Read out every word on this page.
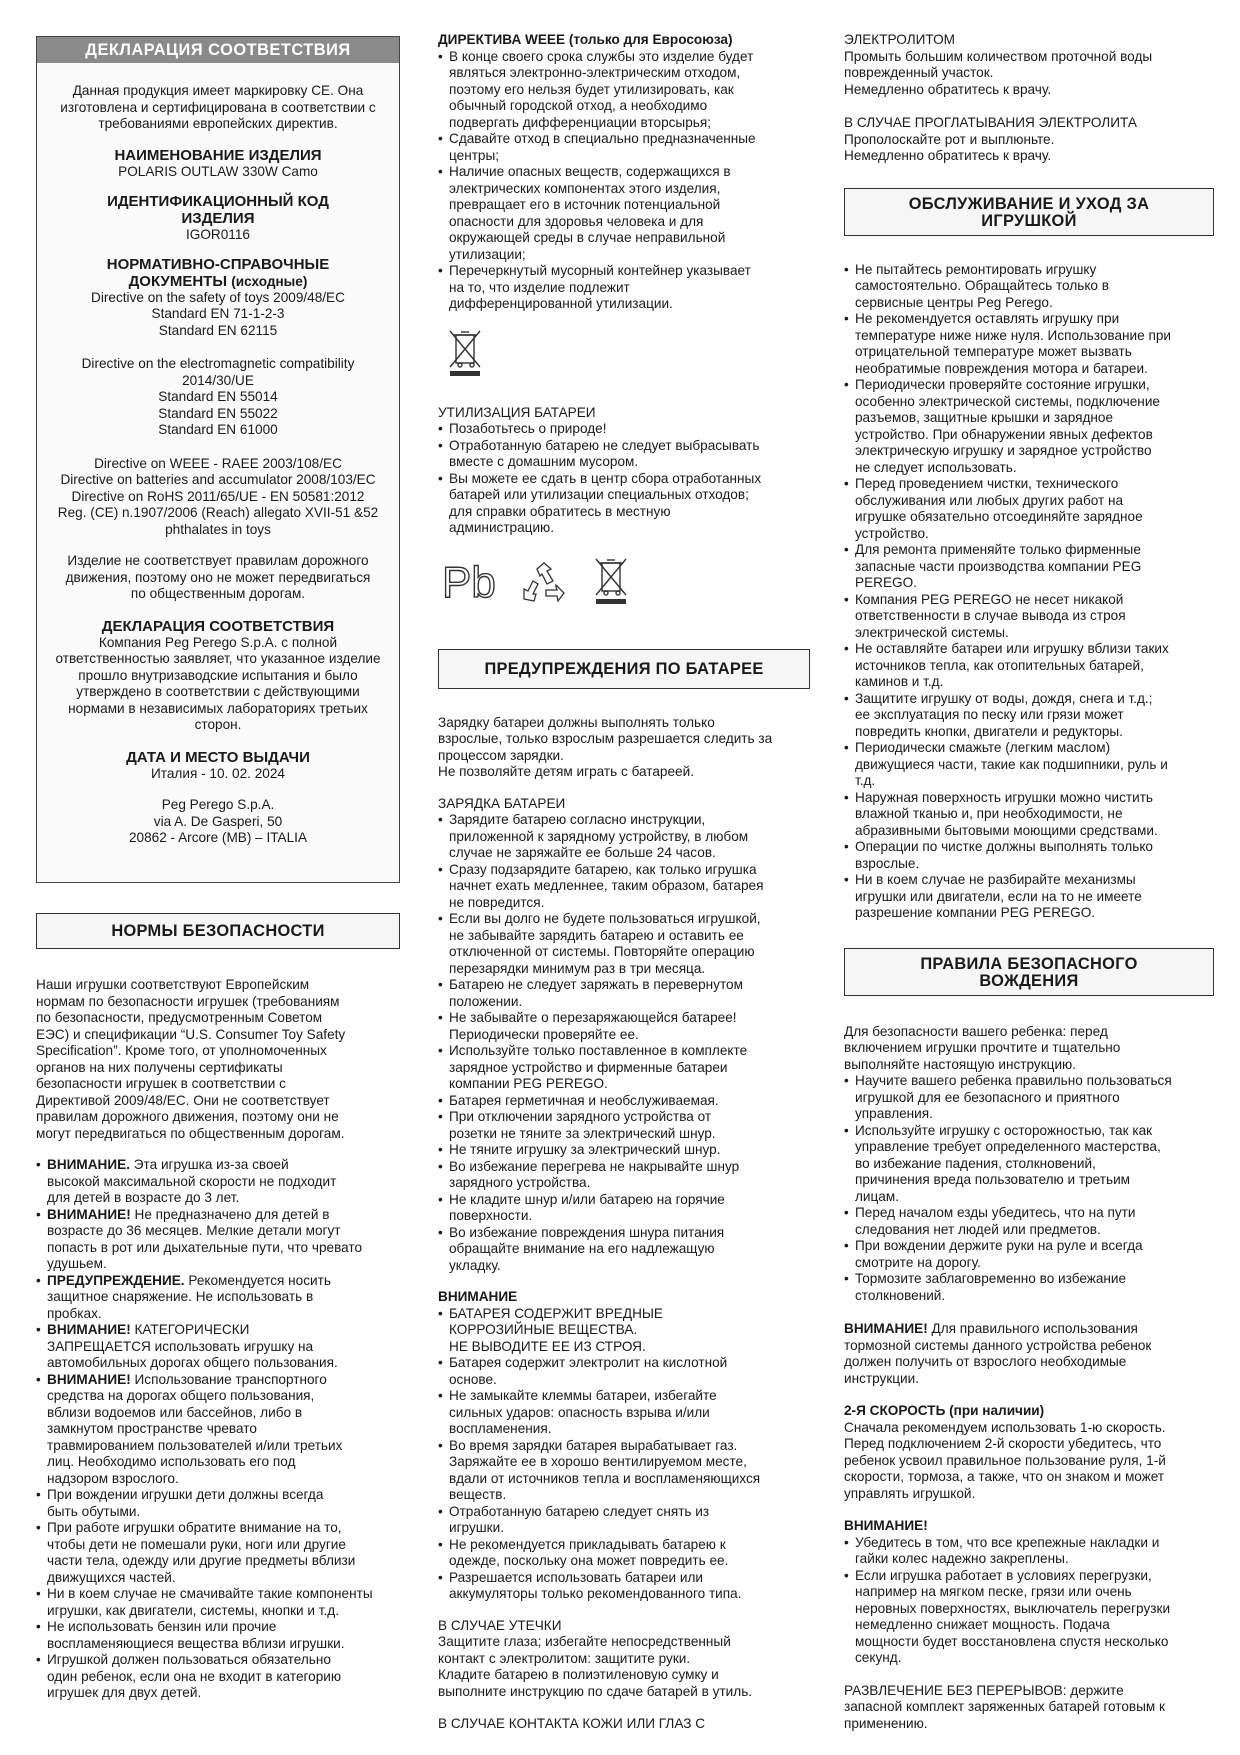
ДЕКЛАРАЦИЯ СООТВЕТСТВИЯ

Данная продукция имеет маркировку CE. Она

изготовлена и сертифицирована в соответствии с

требованиями европейских директив.

НАИМЕНОВАНИЕ ИЗДЕЛИЯ

POLARIS OUTLAW 330W Camo

ИДЕНТИФИКАЦИОННЫЙ КОД
ИЗДЕЛИЯ

IGOR0116

НОРМАТИВНО-СПРАВОЧНЫЕ
ДОКУМЕНТЫ (исходные)

Directive on the safety of toys 2009/48/EC

Standard EN 71-1-2-3

Standard EN 62115

Directive on the electromagnetic compatibility

2014/30/UE

Standard EN 55014

Standard EN 55022

Standard EN 61000

Directive on WEEE - RAEE 2003/108/EC

Directive on batteries and accumulator 2008/103/EC

Directive on RoHS 2011/65/UE - EN 50581:2012

Reg. (CE) n.1907/2006 (Reach) allegato XVII-51 &52

phthalates in toys

Изделие не соответствует правилам дорожного

движения, поэтому оно не может передвигаться

по общественным дорогам.

ДЕКЛАРАЦИЯ СООТВЕТСТВИЯ

Компания Peg Perego S.p.A. с полной

ответственностью заявляет, что указанное изделие

прошло внутризаводские испытания и было

утверждено в соответствии с действующими

нормами в независимых лабораториях третьих

сторон.

ДАТА И МЕСТО ВЫДАЧИ

Италия - 10. 02. 2024

Peg Perego S.p.A.

via A. De Gasperi, 50

20862 - Arcore (MB) – ITALIA

НОРМЫ БЕЗОПАСНОСТИ

Наши игрушки соответствуют Европейским

нормам по безопасности игрушек (требованиям

по безопасности, предусмотренным Советом

ЕЭС) и спецификации “U.S. Consumer Toy Safety

Specification”. Кроме того, от уполномоченных

органов на них получены сертификаты

безопасности игрушек в соответствии с

Директивой 2009/48/EC. Они не соответствует

правилам дорожного движения, поэтому они не

могут передвигаться по общественным дорогам.

• ВНИМАНИЕ. Эта игрушка из-за своей
высокой максимальной скорости не подходит
для детей в возрасте до 3 лет.
• ВНИМАНИЕ! Не предназначено для детей в
возрасте до 36 месяцев. Мелкие детали могут
попасть в рот или дыхательные пути, что чревато
удушьем.
• ПРЕДУПРЕЖДЕНИЕ. Рекомендуется носить
защитное снаряжение. Не использовать в
пробках.
• ВНИМАНИЕ! КАТЕГОРИЧЕСКИ
ЗАПРЕЩАЕТСЯ использовать игрушку на
автомобильных дорогах общего пользования.
• ВНИМАНИЕ! Использование транспортного
средства на дорогах общего пользования,
вблизи водоемов или бассейнов, либо в
замкнутом пространстве чревато
травмированием пользователей и/или третьих
лиц. Необходимо использовать его под
надзором взрослого.
• При вождении игрушки дети должны всегда
быть обутыми.
• При работе игрушки обратите внимание на то,
чтобы дети не помешали руки, ноги или другие
части тела, одежду или другие предметы вблизи
движущихся частей.
• Ни в коем случае не смачивайте такие компоненты
игрушки, как двигатели, системы, кнопки и т.д.
• Не использовать бензин или прочие
воспламеняющиеся вещества вблизи игрушки.
• Игрушкой должен пользоваться обязательно
один ребенок, если она не входит в категорию
игрушек для двух детей.

ДИРЕКТИВА WEEE (только для Евросоюза)

• В конце своего срока службы это изделие будет
являться электронно-электрическим отходом,
поэтому его нельзя будет утилизировать, как
обычный городской отход, а необходимо
подвергать дифференциации вторсырья;
• Сдавайте отход в специально предназначенные
центры;
• Наличие опасных веществ, содержащихся в
электрических компонентах этого изделия,
превращает его в источник потенциальной
опасности для здоровья человека и для
окружающей среды в случае неправильной
утилизации;
• Перечеркнутый мусорный контейнер указывает
на то, что изделие подлежит
дифференцированной утилизации.

УТИЛИЗАЦИЯ БАТАРЕИ

• Позаботьтесь о природе!
• Отработанную батарею не следует выбрасывать
вместе с домашним мусором.
• Вы можете ее сдать в центр сбора отработанных
батарей или утилизации специальных отходов;
для справки обратитесь в местную
администрацию.
Pb
ПРЕДУПРЕЖДЕНИЯ ПО БАТАРЕЕ

Зарядку батареи должны выполнять только

взрослые, только взрослым разрешается следить за

процессом зарядки.

Не позволяйте детям играть с батареей.

ЗАРЯДКА БАТАРЕИ

• Зарядите батарею согласно инструкции,
приложенной к зарядному устройству, в любом
случае не заряжайте ее больше 24 часов.
• Сразу подзарядите батарею, как только игрушка
начнет ехать медленнее, таким образом, батарея
не повредится.
• Если вы долго не будете пользоваться игрушкой,
не забывайте зарядить батарею и оставить ее
отключенной от системы. Повторяйте операцию
перезарядки минимум раз в три месяца.
• Батарею не следует заряжать в перевернутом
положении.
• Не забывайте о перезаряжающейся батарее!
Периодически проверяйте ее.
• Используйте только поставленное в комплекте
зарядное устройство и фирменные батареи
компании PEG PEREGO.
• Батарея герметичная и необслуживаемая.
• При отключении зарядного устройства от
розетки не тяните за электрический шнур.
• Не тяните игрушку за электрический шнур.
• Во избежание перегрева не накрывайте шнур
зарядного устройства.
• Не кладите шнур и/или батарею на горячие
поверхности.
• Во избежание повреждения шнура питания
обращайте внимание на его надлежащую
укладку.

ВНИМАНИЕ

• БАТАРЕЯ СОДЕРЖИТ ВРЕДНЫЕ
КОРРОЗИЙНЫЕ ВЕЩЕСТВА.
НЕ ВЫВОДИТЕ ЕЕ ИЗ СТРОЯ.
• Батарея содержит электролит на кислотной
основе.
• Не замыкайте клеммы батареи, избегайте
сильных ударов: опасность взрыва и/или
воспламенения.
• Во время зарядки батарея вырабатывает газ.
Заряжайте ее в хорошо вентилируемом месте,
вдали от источников тепла и воспламеняющихся
веществ.
• Отработанную батарею следует снять из
игрушки.
• Не рекомендуется прикладывать батарею к
одежде, поскольку она может повредить ее.
• Разрешается использовать батареи или
аккумуляторы только рекомендованного типа.

В СЛУЧАЕ УТЕЧКИ

Защитите глаза; избегайте непосредственный

контакт с электролитом: защитите руки.

Кладите батарею в полиэтиленовую сумку и

выполните инструкцию по сдаче батарей в утиль.

В СЛУЧАЕ КОНТАКТА КОЖИ ИЛИ ГЛАЗ С

ЭЛЕКТРОЛИТОМ

Промыть большим количеством проточной воды

поврежденный участок.

Немедленно обратитесь к врачу.

В СЛУЧАЕ ПРОГЛАТЫВАНИЯ ЭЛЕКТРОЛИТА

Прополоскайте рот и выплюньте.

Немедленно обратитесь к врачу.

ОБСЛУЖИВАНИЕ И УХОД ЗА
ИГРУШКОЙ
• Не пытайтесь ремонтировать игрушку
самостоятельно. Обращайтесь только в
сервисные центры Peg Perego.
• Не рекомендуется оставлять игрушку при
температуре ниже ниже нуля. Использование при
отрицательной температуре может вызвать
необратимые повреждения мотора и батареи.
• Периодически проверяйте состояние игрушки,
особенно электрической системы, подключение
разъемов, защитные крышки и зарядное
устройство. При обнаружении явных дефектов
электрическую игрушку и зарядное устройство
не следует использовать.
• Перед проведением чистки, технического
обслуживания или любых других работ на
игрушке обязательно отсоединяйте зарядное
устройство.
• Для ремонта применяйте только фирменные
запасные части производства компании PEG
PEREGO.
• Компания PEG PEREGO не несет никакой
ответственности в случае вывода из строя
электрической системы.
• Не оставляйте батареи или игрушку вблизи таких
источников тепла, как отопительных батарей,
каминов и т.д.
• Защитите игрушку от воды, дождя, снега и т.д.;
ее эксплуатация по песку или грязи может
повредить кнопки, двигатели и редукторы.
• Периодически смажьте (легким маслом)
движущиеся части, такие как подшипники, руль и
т.д.
• Наружная поверхность игрушки можно чистить
влажной тканью и, при необходимости, не
абразивными бытовыми моющими средствами.
• Операции по чистке должны выполнять только
взрослые.
• Ни в коем случае не разбирайте механизмы
игрушки или двигатели, если на то не имеете
разрешение компании PEG PEREGO.
ПРАВИЛА БЕЗОПАСНОГО
ВОЖДЕНИЯ

Для безопасности вашего ребенка: перед

включением игрушки прочтите и тщательно

выполняйте настоящую инструкцию.

• Научите вашего ребенка правильно пользоваться
игрушкой для ее безопасного и приятного
управления.
• Используйте игрушку с осторожностью, так как
управление требует определенного мастерства,
во избежание падения, столкновений,
причинения вреда пользователю и третьим
лицам.
• Перед началом езды убедитесь, что на пути
следования нет людей или предметов.
• При вождении держите руки на руле и всегда
смотрите на дорогу.
• Тормозите заблаговременно во избежание
столкновений.

ВНИМАНИЕ! Для правильного использования

тормозной системы данного устройства ребенок

должен получить от взрослого необходимые

инструкции.

2-Я СКОРОСТЬ (при наличии)

Сначала рекомендуем использовать 1-ю скорость.

Перед подключением 2-й скорости убедитесь, что

ребенок усвоил правильное пользование руля, 1-й

скорости, тормоза, а также, что он знаком и может

управлять игрушкой.

ВНИМАНИЕ!

• Убедитесь в том, что все крепежные накладки и
гайки колес надежно закреплены.
• Если игрушка работает в условиях перегрузки,
например на мягком песке, грязи или очень
неровных поверхностях, выключатель перегрузки
немедленно снижает мощность. Подача
мощности будет восстановлена спустя несколько
секунд.

РАЗВЛЕЧЕНИЕ БЕЗ ПЕРЕРЫВОВ: держите

запасной комплект заряженных батарей готовым к

применению.
